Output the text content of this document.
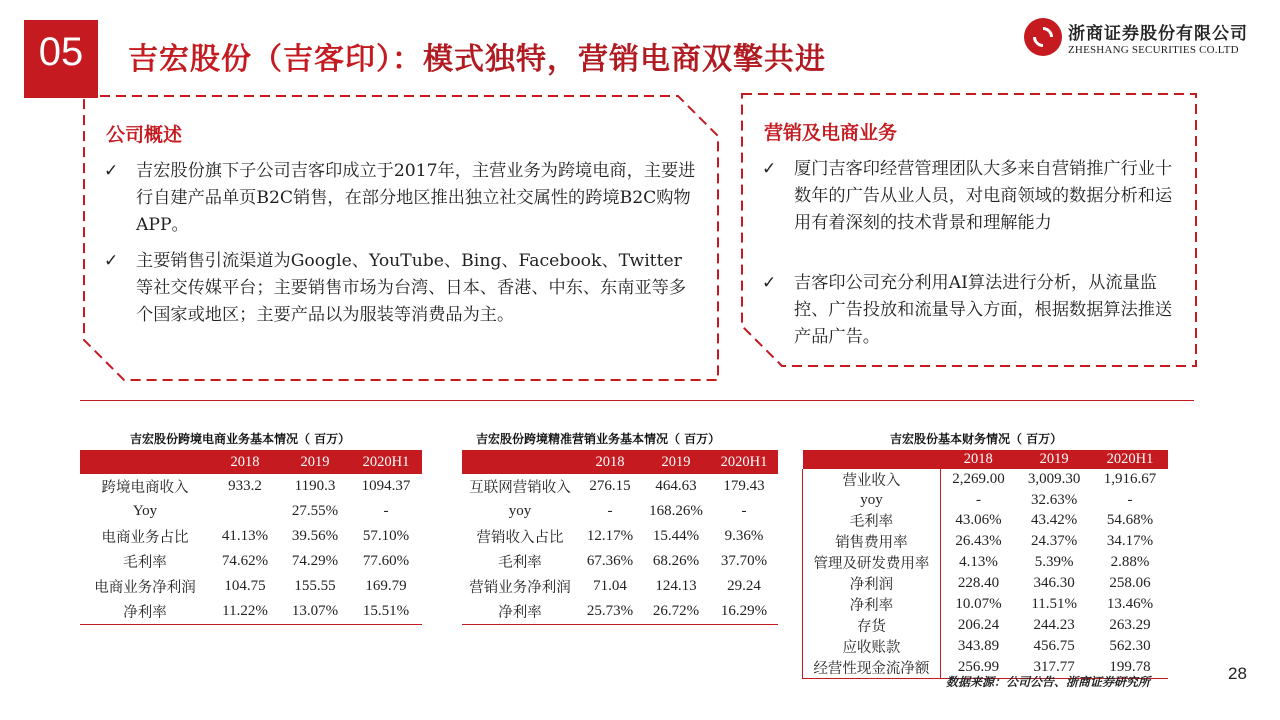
05	吉宏股份（吉客印）：模式独特，营销电商双擎共进
浙商证券股份有限公司
ZHESHANG SECURITIES CO.LTD
公司概述
✓ 吉宏股份旗下子公司吉客印成立于2017年，主营业务为跨境电商，主要进行自建产品单页B2C销售，在部分地区推出独立社交属性的跨境B2C购物APP。
✓ 主要销售引流渠道为Google、YouTube、Bing、Facebook、Twitter等社交传媒平台；主要销售市场为台湾、日本、香港、中东、东南亚等多个国家或地区；主要产品以为服装等消费品为主。
营销及电商业务
✓ 厦门吉客印经营管理团队大多来自营销推广行业十数年的广告从业人员，对电商领域的数据分析和运用有着深刻的技术背景和理解能力
✓ 吉客印公司充分利用AI算法进行分析，从流量监控、广告投放和流量导入方面，根据数据算法推送产品广告。
吉宏股份跨境电商业务基本情况（ 百万）
	2018	2019	2020H1
跨境电商收入	933.2	1190.3	1094.37
Yoy		27.55%	-
电商业务占比	41.13%	39.56%	57.10%
毛利率	74.62%	74.29%	77.60%
电商业务净利润	104.75	155.55	169.79
净利率	11.22%	13.07%	15.51%
吉宏股份跨境精准营销业务基本情况（ 百万）
	2018	2019	2020H1
互联网营销收入	276.15	464.63	179.43
yoy	-	168.26%	-
营销收入占比	12.17%	15.44%	9.36%
毛利率	67.36%	68.26%	37.70%
营销业务净利润	71.04	124.13	29.24
净利率	25.73%	26.72%	16.29%
吉宏股份基本财务情况（ 百万）
	2018	2019	2020H1
营业收入	2,269.00	3,009.30	1,916.67
yoy	-	32.63%	-
毛利率	43.06%	43.42%	54.68%
销售费用率	26.43%	24.37%	34.17%
管理及研发费用率	4.13%	5.39%	2.88%
净利润	228.40	346.30	258.06
净利率	10.07%	11.51%	13.46%
存货	206.24	244.23	263.29
应收账款	343.89	456.75	562.30
经营性现金流净额	256.99	317.77	199.78
数据来源：公司公告、浙商证券研究所	28
